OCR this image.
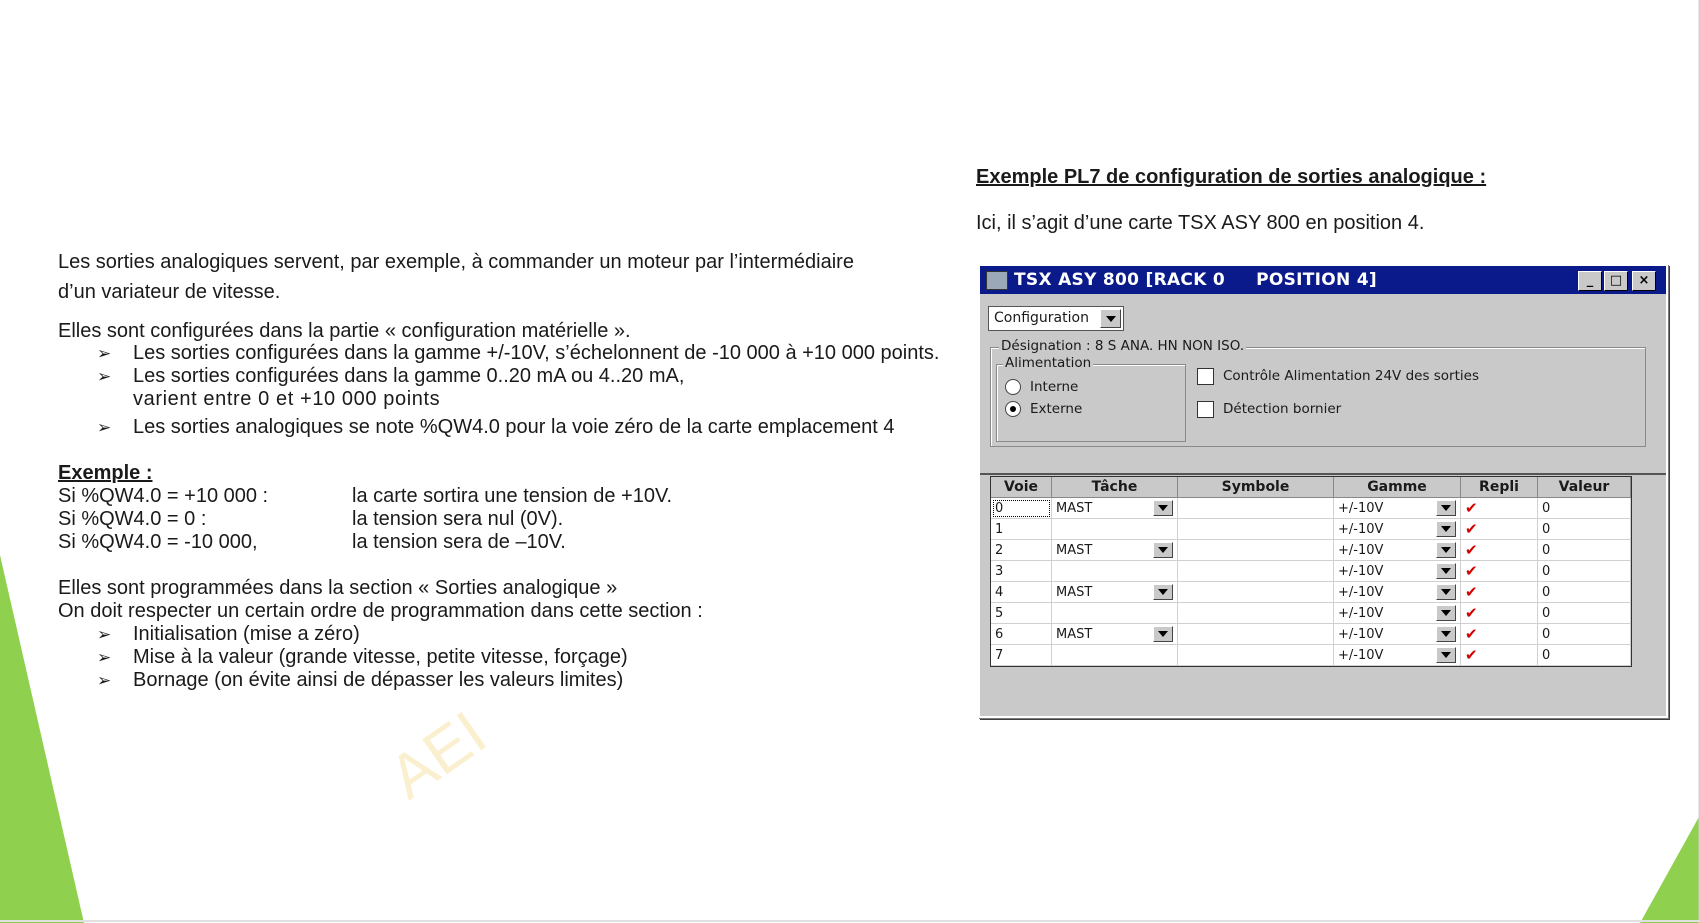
AEI
Les sorties analogiques servent, par exemple, à commander un moteur par l’intermédiaire
d’un variateur de vitesse.
Elles sont configurées dans la partie « configuration matérielle ».
➢ Les sorties configurées dans la gamme +/-10V, s’échelonnent de -10 000 à +10 000 points.
➢ Les sorties configurées dans la gamme 0..20 mA ou 4..20 mA,
varient entre 0 et +10 000 points
➢ Les sorties analogiques se note %QW4.0 pour la voie zéro de la carte emplacement 4
Exemple :
Si %QW4.0 = +10 000 :	la carte sortira une tension de +10V.
Si %QW4.0 = 0 :	la tension sera nul (0V).
Si %QW4.0 = -10 000,	la tension sera de –10V.
Elles sont programmées dans la section « Sorties analogique »
On doit respecter un certain ordre de programmation dans cette section :
➢ Initialisation (mise a zéro)
➢ Mise à la valeur (grande vitesse, petite vitesse, forçage)
➢ Bornage (on évite ainsi de dépasser les valeurs limites)
Exemple PL7 de configuration de sorties analogique :
Ici, il s’agit d’une carte TSX ASY 800 en position 4.
TSX ASY 800 [RACK 0     POSITION 4]	_	□	×
Configuration
Désignation : 8 S ANA. HN NON ISO.
Alimentation
Interne
Externe
Contrôle Alimentation 24V des sorties
Détection bornier
Voie	Tâche	Symbole	Gamme	Repli	Valeur
0	MAST		+/-10V	✔	0
1			+/-10V	✔	0
2	MAST		+/-10V	✔	0
3			+/-10V	✔	0
4	MAST		+/-10V	✔	0
5			+/-10V	✔	0
6	MAST		+/-10V	✔	0
7			+/-10V	✔	0
